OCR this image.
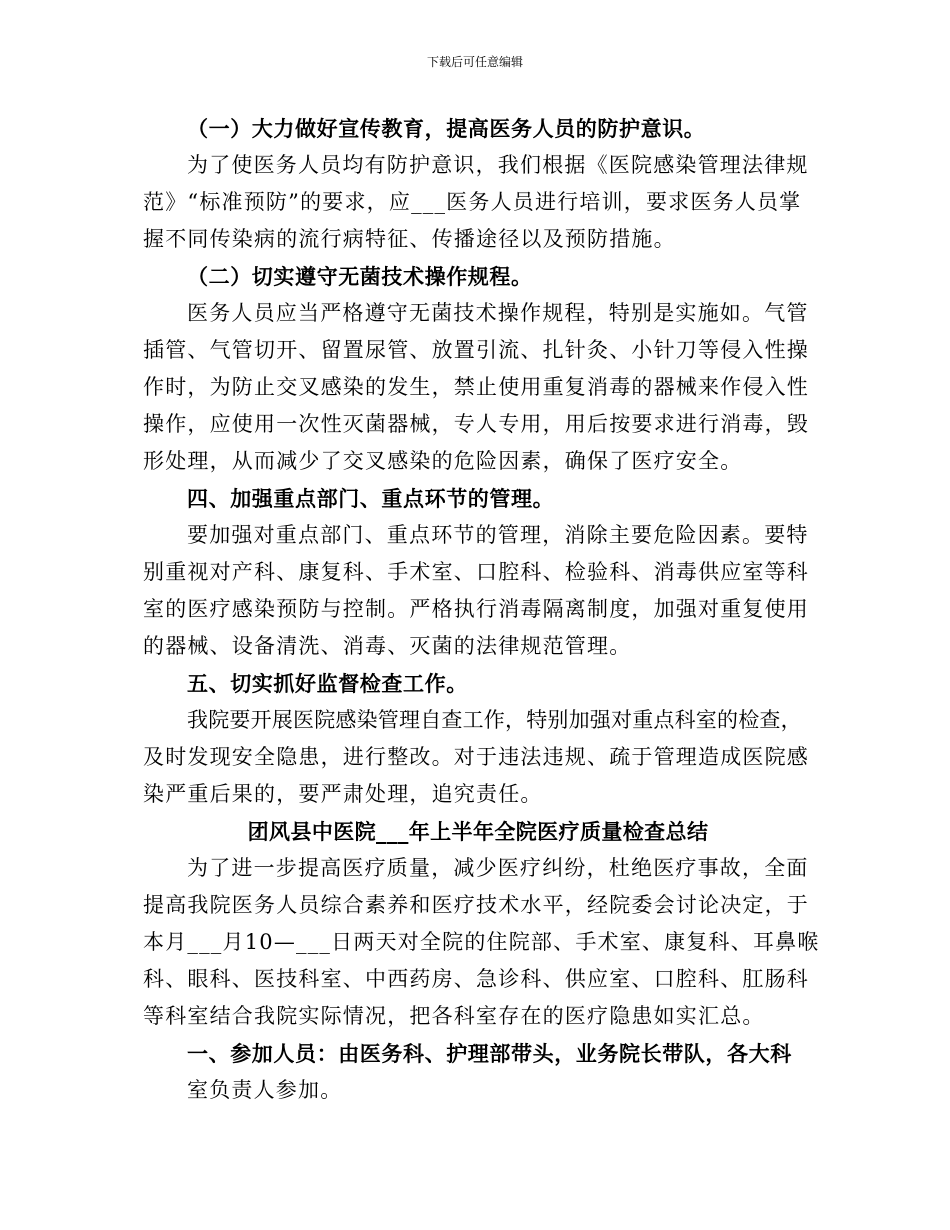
下载后可任意编辑
（一）大力做好宣传教育，提高医务人员的防护意识。
为了使医务人员均有防护意识，我们根据《医院感染管理法律规
范》“标准预防”的要求，应___医务人员进行培训，要求医务人员掌
握不同传染病的流行病特征、传播途径以及预防措施。
（二）切实遵守无菌技术操作规程。
医务人员应当严格遵守无菌技术操作规程，特别是实施如。气管
插管、气管切开、留置尿管、放置引流、扎针灸、小针刀等侵入性操
作时，为防止交叉感染的发生，禁止使用重复消毒的器械来作侵入性
操作，应使用一次性灭菌器械，专人专用，用后按要求进行消毒，毁
形处理，从而减少了交叉感染的危险因素，确保了医疗安全。
四、加强重点部门、重点环节的管理。
要加强对重点部门、重点环节的管理，消除主要危险因素。要特
别重视对产科、康复科、手术室、口腔科、检验科、消毒供应室等科
室的医疗感染预防与控制。严格执行消毒隔离制度，加强对重复使用
的器械、设备清洗、消毒、灭菌的法律规范管理。
五、切实抓好监督检查工作。
我院要开展医院感染管理自查工作，特别加强对重点科室的检查，
及时发现安全隐患，进行整改。对于违法违规、疏于管理造成医院感
染严重后果的，要严肃处理，追究责任。
团风县中医院___年上半年全院医疗质量检查总结
为了进一步提高医疗质量，减少医疗纠纷，杜绝医疗事故，全面
提高我院医务人员综合素养和医疗技术水平，经院委会讨论决定，于
本月___月10—___日两天对全院的住院部、手术室、康复科、耳鼻喉
科、眼科、医技科室、中西药房、急诊科、供应室、口腔科、肛肠科
等科室结合我院实际情况，把各科室存在的医疗隐患如实汇总。
一、参加人员：由医务科、护理部带头，业务院长带队，各大科
室负责人参加。
